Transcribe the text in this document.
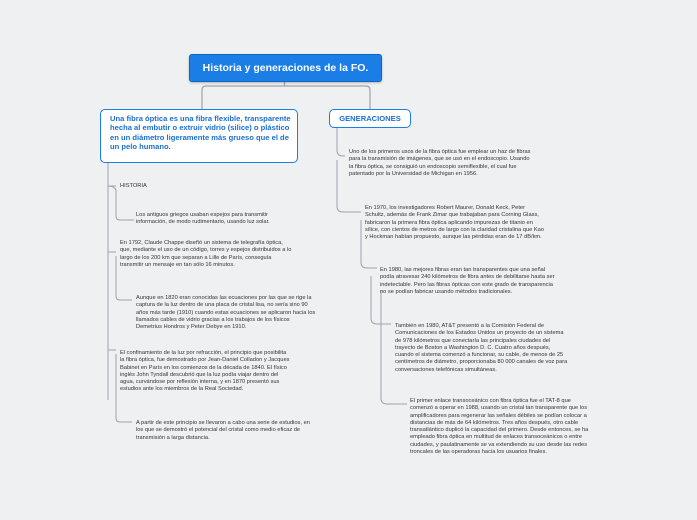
Historia y generaciones de la FO.
Una fibra óptica es una fibra flexible, transparente hecha al embutir o extruir vidrio (silice) o plástico en un diámetro ligeramente más grueso que el de un pelo humano.
GENERACIONES
HISTORIA
Los antiguos griegos usaban espejos para transmitir información, de modo rudimentario, usando luz solar.
En 1792, Claude Chappe diseñó un sistema de telegrafía óptica, que, mediante el uso de un código, torres y espejos distribuidos a lo largo de los 200 km que separan a Lille de París, conseguía transmitir un mensaje en tan sólo 16 minutos.
Aunque en 1820 eran conocidas las ecuaciones por las que se rige la captura de la luz dentro de una placa de cristal lisa, no sería sino 90 años más tarde (1910) cuando estas ecuaciones se aplicaron hacia los llamados cables de vidrio gracias a los trabajos de los físicos Demetrius Hondros y Peter Debye en 1910.
El confinamiento de la luz por refracción, el principio que posibilita la fibra óptica, fue demostrado por Jean-Daniel Colladon y Jacques Babinet en París en los comienzos de la década de 1840. El físico inglés John Tyndall descubrió que la luz podía viajar dentro del agua, curvándose por reflexión interna, y en 1870 presentó sus estudios ante los miembros de la Real Sociedad.
A partir de este principio se llevaron a cabo una serie de estudios, en los que se demostró el potencial del cristal como medio eficaz de transmisión a larga distancia.
Uno de los primeros usos de la fibra óptica fue emplear un haz de fibras para la transmisión de imágenes, que se usó en el endoscopio. Usando la fibra óptica, se consiguió un endoscopio semiflexible, el cual fue patentado por la Universidad de Michigan en 1956.
En 1970, los investigadores Robert Maurer, Donald Keck, Peter Schultz, además de Frank Zimar que trabajaban para Corning Glass, fabricaron la primera fibra óptica aplicando impurezas de titanio en sílice, con cientos de metros de largo con la claridad cristalina que Kao y Hockman habían propuesto, aunque las pérdidas eran de 17 dB/km.
En 1980, las mejores fibras eran tan transparentes que una señal podía atravesar 240 kilómetros de fibra antes de debilitarse hasta ser indetectable. Pero las fibras ópticas con este grado de transparencia no se podían fabricar usando métodos tradicionales.
También en 1980, AT&T presentó a la Comisión Federal de Comunicaciones de los Estados Unidos un proyecto de un sistema de 978 kilómetros que conectaría las principales ciudades del trayecto de Boston a Washington D. C. Cuatro años después, cuando el sistema comenzó a funcionar, su cable, de menos de 25 centímetros de diámetro, proporcionaba 80 000 canales de voz para conversaciones telefónicas simultáneas.
El primer enlace transoceánico con fibra óptica fue el TAT-8 que comenzó a operar en 1988, usando un cristal tan transparente que los amplificadores para regenerar las señales débiles se podían colocar a distancias de más de 64 kilómetros. Tres años después, otro cable transatlántico duplicó la capacidad del primero. Desde entonces, se ha empleado fibra óptica en multitud de enlaces transoceánicos o entre ciudades, y paulatinamente se va extendiendo su uso desde las redes troncales de las operadoras hacia los usuarios finales.
